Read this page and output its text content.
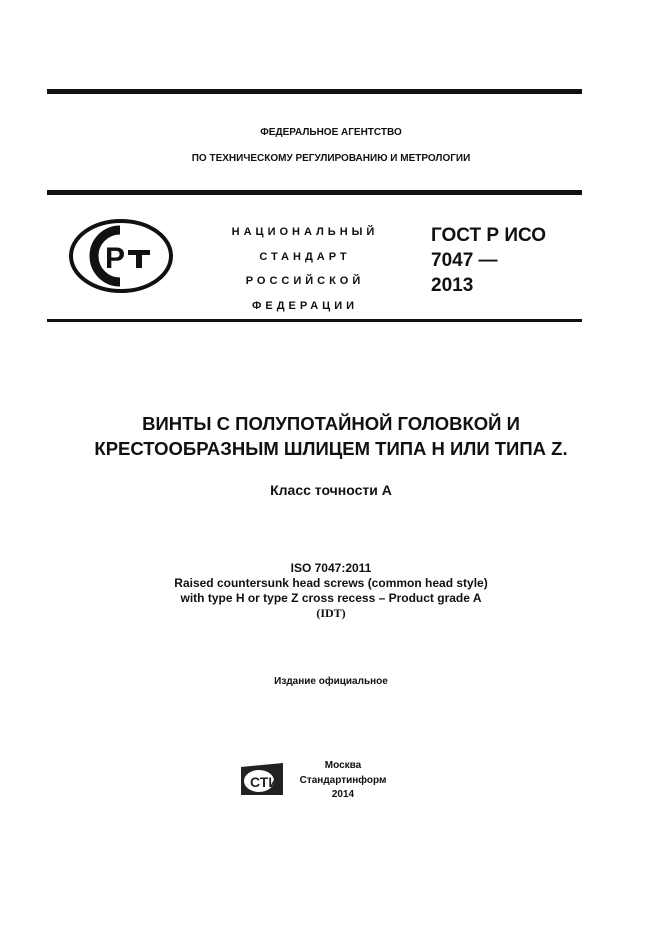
ФЕДЕРАЛЬНОЕ АГЕНТСТВО
ПО ТЕХНИЧЕСКОМУ РЕГУЛИРОВАНИЮ И МЕТРОЛОГИИ
Р
НАЦИОНАЛЬНЫЙ
СТАНДАРТ
РОССИЙСКОЙ
ФЕДЕРАЦИИ
ГОСТ Р ИСО
7047 —
2013
ВИНТЫ С ПОЛУПОТАЙНОЙ ГОЛОВКОЙ И
КРЕСТООБРАЗНЫМ ШЛИЦЕМ ТИПА H ИЛИ ТИПА Z.
Класс точности А
ISO 7047:2011
Raised countersunk head screws (common head style)
with type H or type Z cross recess – Product grade A
(IDT)
Издание официальное
СТИ
Москва
Стандартинформ
2014
